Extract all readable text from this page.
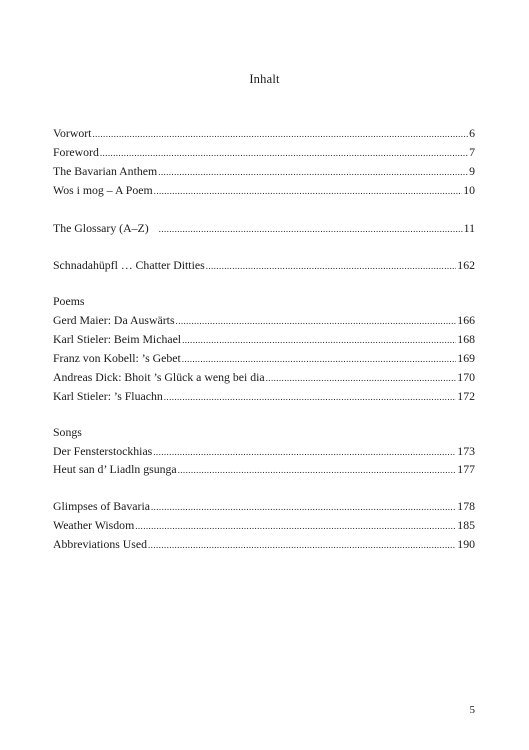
Inhalt
Vorwort .....	6
Foreword .....	7
The Bavarian Anthem .....	9
Wos i mog – A Poem .....	10
The Glossary (A–Z) .....	11
Schnadahüpfl … Chatter Ditties .....	162
Poems
Gerd Maier: Da Auswärts .....	166
Karl Stieler: Beim Michael .....	168
Franz von Kobell: ’s Gebet .....	169
Andreas Dick: Bhoit ’s Glück a weng bei dia .....	170
Karl Stieler: ’s Fluachn .....	172
Songs
Der Fensterstockhias .....	173
Heut san d’ Liadln gsunga .....	177
Glimpses of Bavaria .....	178
Weather Wisdom .....	185
Abbreviations Used .....	190
5
